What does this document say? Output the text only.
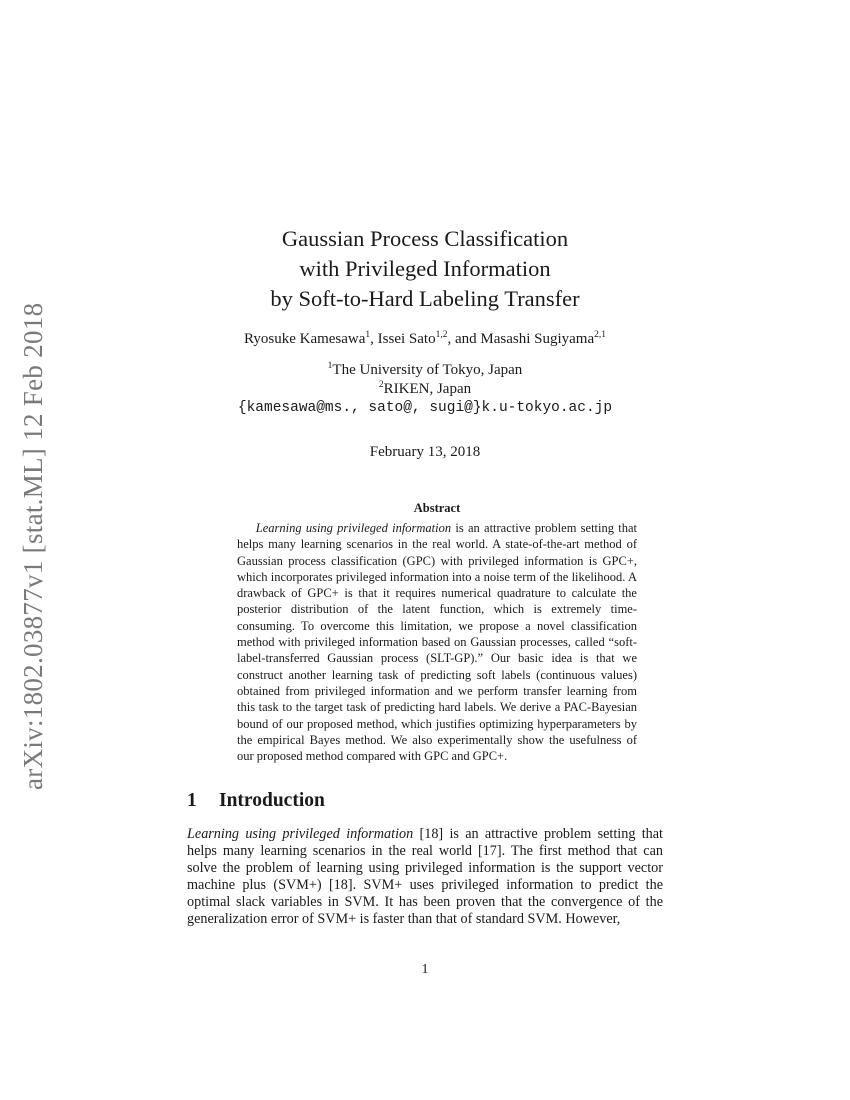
arXiv:1802.03877v1 [stat.ML] 12 Feb 2018
Gaussian Process Classification
with Privileged Information
by Soft-to-Hard Labeling Transfer
Ryosuke Kamesawa$^1$, Issei Sato$^{1,2}$, and Masashi Sugiyama$^{2,1}$
$^1$The University of Tokyo, Japan
$^2$RIKEN, Japan
{kamesawa@ms., sato@, sugi@}k.u-tokyo.ac.jp
February 13, 2018
Abstract
Learning using privileged information is an attractive problem setting that helps many learning scenarios in the real world. A state-of-the-art method of Gaussian process classification (GPC) with privileged information is GPC+, which incorporates privileged information into a noise term of the likelihood. A drawback of GPC+ is that it requires numerical quadrature to calculate the posterior distribution of the latent function, which is extremely time-consuming. To overcome this limitation, we propose a novel classification method with privileged information based on Gaussian processes, called “soft-label-transferred Gaussian process (SLT-GP).” Our basic idea is that we construct another learning task of predicting soft labels (continuous values) obtained from privileged information and we perform transfer learning from this task to the target task of predicting hard labels. We derive a PAC-Bayesian bound of our proposed method, which justifies optimizing hyperparameters by the empirical Bayes method. We also experimentally show the usefulness of our proposed method compared with GPC and GPC+.
1 Introduction
Learning using privileged information [18] is an attractive problem setting that helps many learning scenarios in the real world [17]. The first method that can solve the problem of learning using privileged information is the support vector machine plus (SVM+) [18]. SVM+ uses privileged information to predict the optimal slack variables in SVM. It has been proven that the convergence of the generalization error of SVM+ is faster than that of standard SVM. However,
1
